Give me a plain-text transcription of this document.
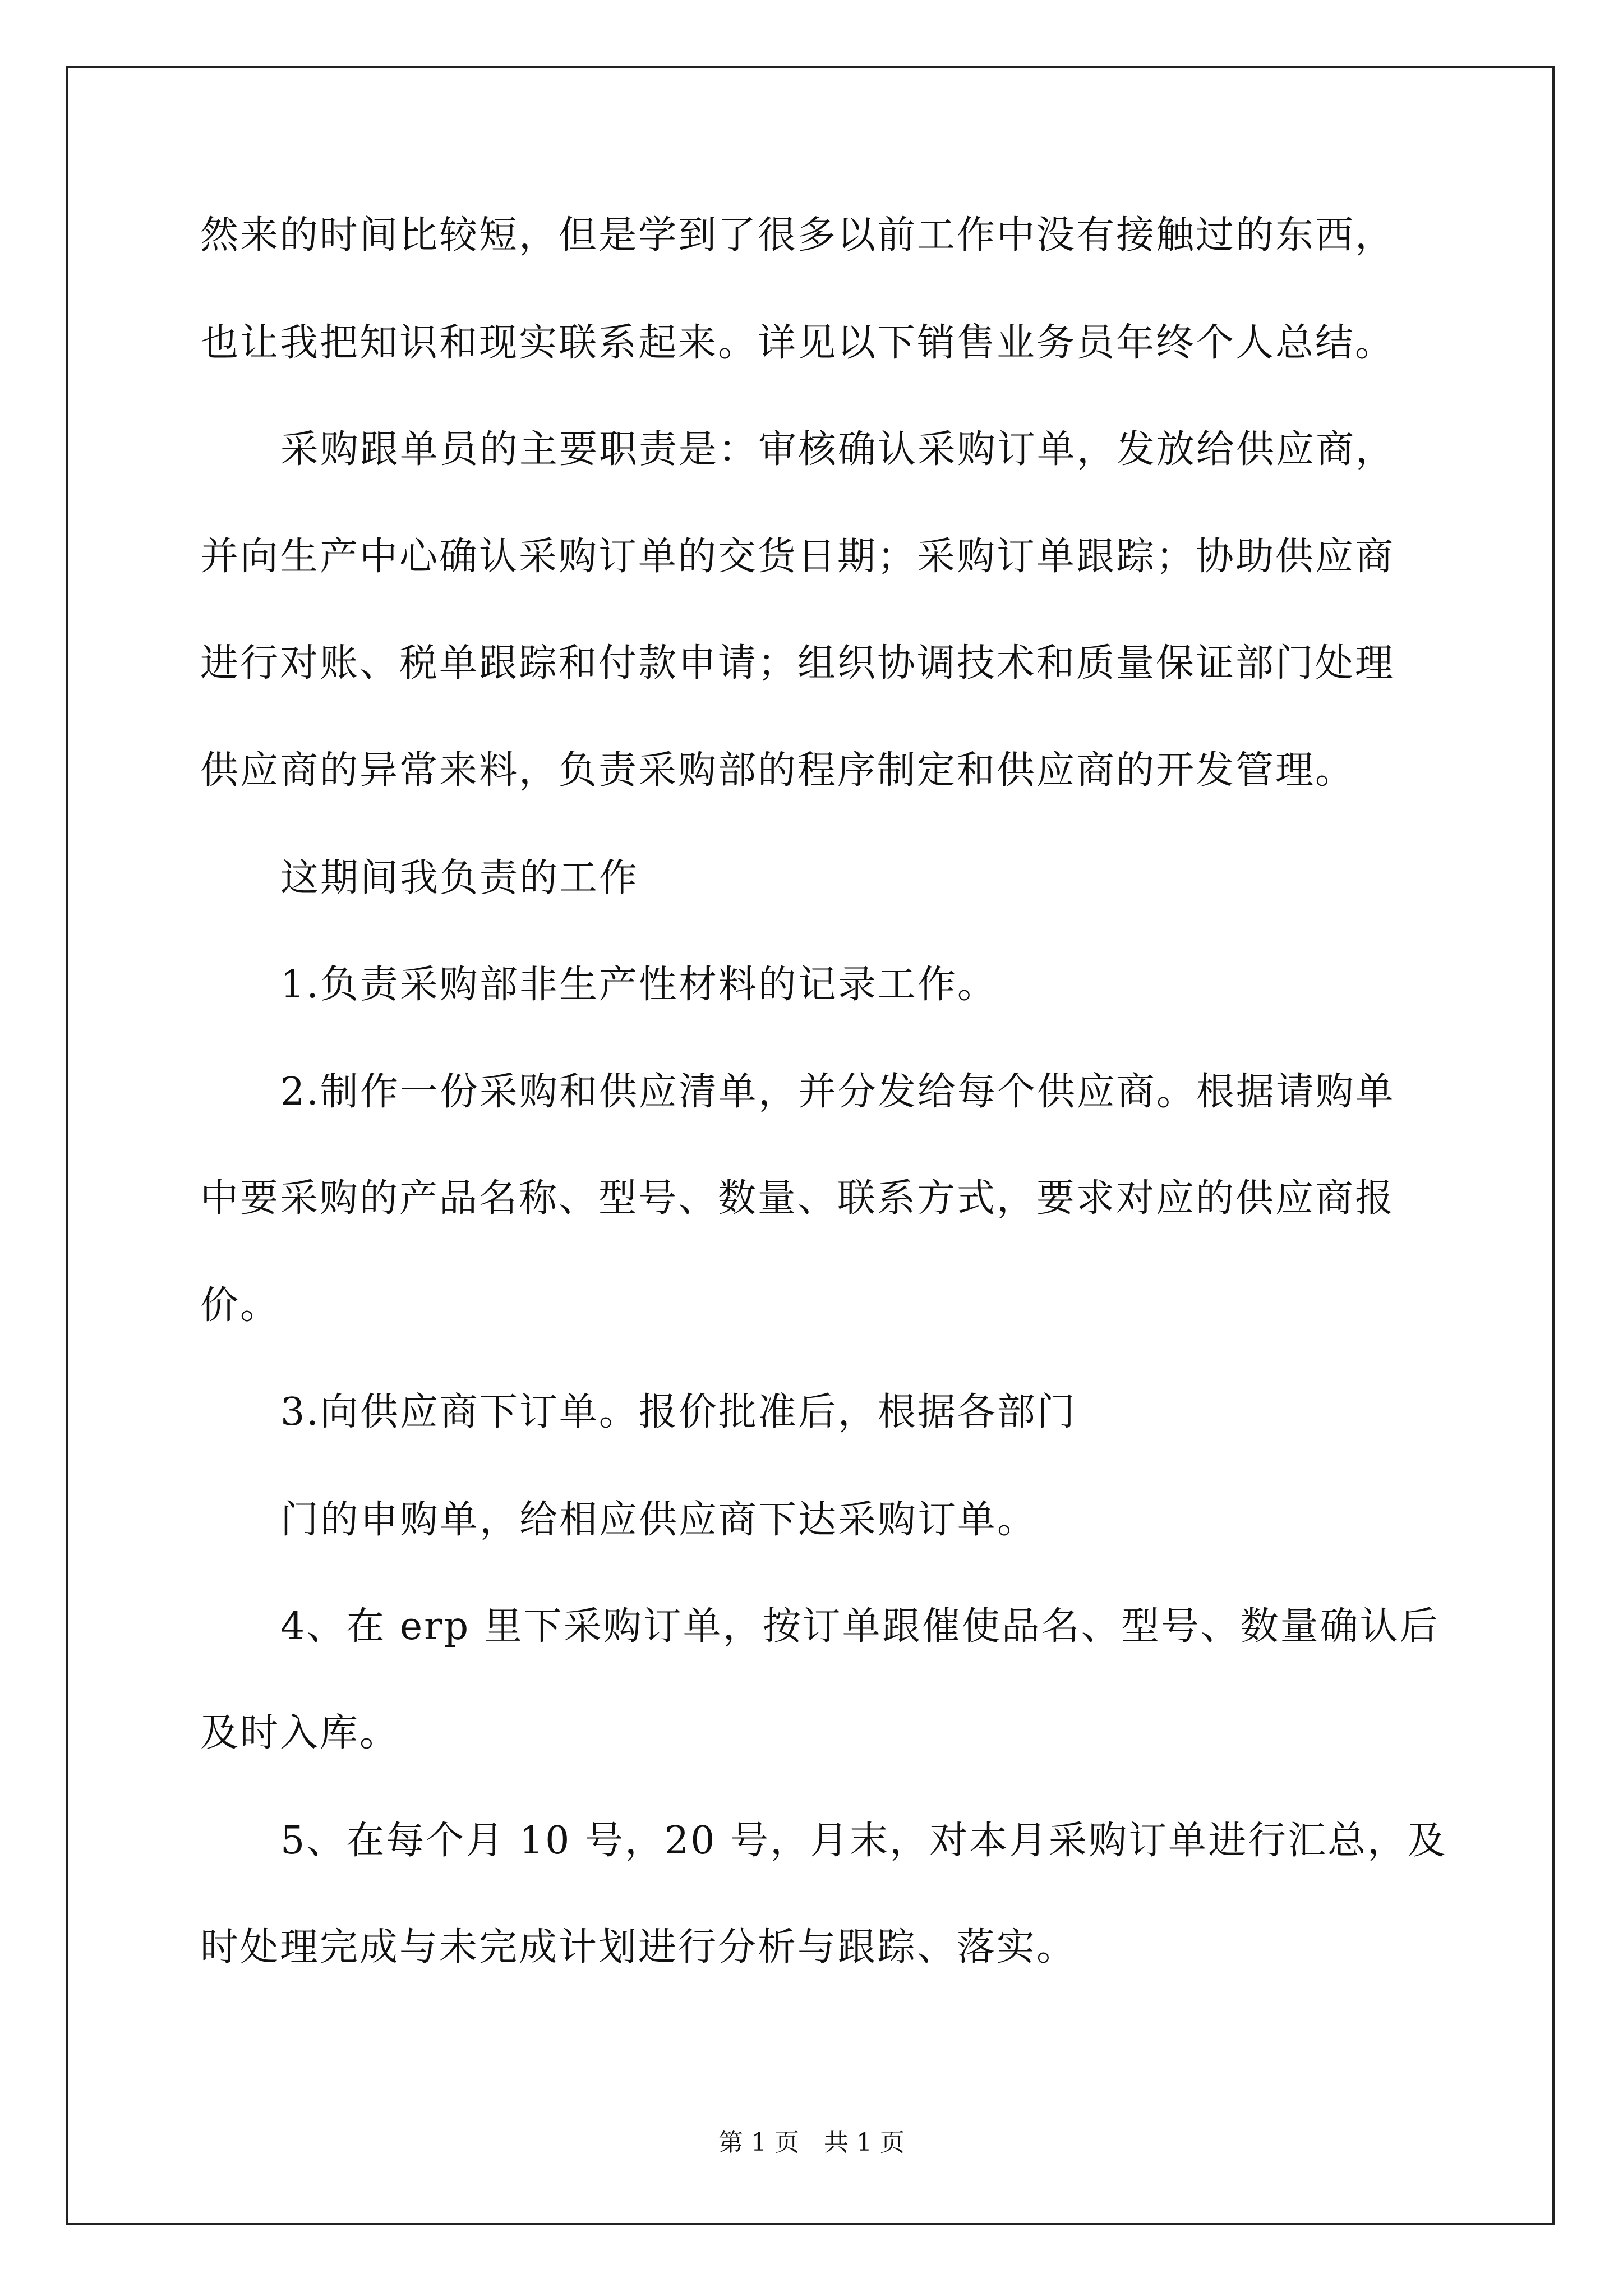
然来的时间比较短，但是学到了很多以前工作中没有接触过的东西，
也让我把知识和现实联系起来。详见以下销售业务员年终个人总结。
采购跟单员的主要职责是：审核确认采购订单，发放给供应商，
并向生产中心确认采购订单的交货日期；采购订单跟踪；协助供应商
进行对账、税单跟踪和付款申请；组织协调技术和质量保证部门处理
供应商的异常来料，负责采购部的程序制定和供应商的开发管理。
这期间我负责的工作
1.负责采购部非生产性材料的记录工作。
2.制作一份采购和供应清单，并分发给每个供应商。根据请购单
中要采购的产品名称、型号、数量、联系方式，要求对应的供应商报
价。
3.向供应商下订单。报价批准后，根据各部门
门的申购单，给相应供应商下达采购订单。
4、在 erp 里下采购订单，按订单跟催使品名、型号、数量确认后
及时入库。
5、在每个月 10 号，20 号，月末，对本月采购订单进行汇总，及
时处理完成与未完成计划进行分析与跟踪、落实。
第 1 页　共 1 页
